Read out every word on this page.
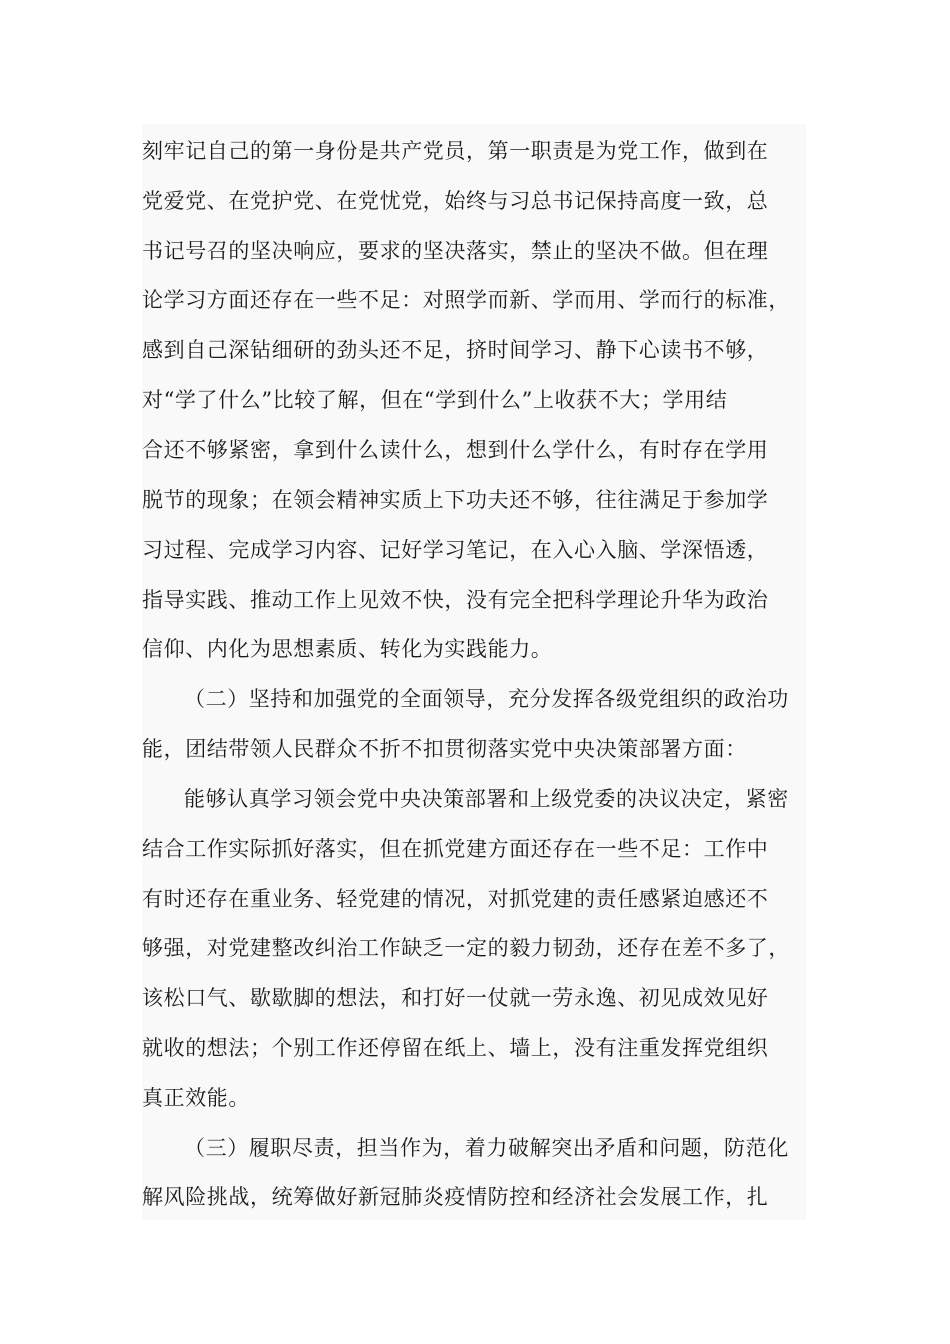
刻牢记自己的第一身份是共产党员，第一职责是为党工作，做到在
党爱党、在党护党、在党忧党，始终与习总书记保持高度一致，总
书记号召的坚决响应，要求的坚决落实，禁止的坚决不做。但在理
论学习方面还存在一些不足：对照学而新、学而用、学而行的标准，
感到自己深钻细研的劲头还不足，挤时间学习、静下心读书不够，
对“学了什么”比较了解，但在“学到什么”上收获不大；学用结
合还不够紧密，拿到什么读什么，想到什么学什么，有时存在学用
脱节的现象；在领会精神实质上下功夫还不够，往往满足于参加学
习过程、完成学习内容、记好学习笔记，在入心入脑、学深悟透，
指导实践、推动工作上见效不快，没有完全把科学理论升华为政治
信仰、内化为思想素质、转化为实践能力。
（二）坚持和加强党的全面领导，充分发挥各级党组织的政治功
能，团结带领人民群众不折不扣贯彻落实党中央决策部署方面：
能够认真学习领会党中央决策部署和上级党委的决议决定，紧密
结合工作实际抓好落实，但在抓党建方面还存在一些不足：工作中
有时还存在重业务、轻党建的情况，对抓党建的责任感紧迫感还不
够强，对党建整改纠治工作缺乏一定的毅力韧劲，还存在差不多了，
该松口气、歇歇脚的想法，和打好一仗就一劳永逸、初见成效见好
就收的想法；个别工作还停留在纸上、墙上，没有注重发挥党组织
真正效能。
（三）履职尽责，担当作为，着力破解突出矛盾和问题，防范化
解风险挑战，统筹做好新冠肺炎疫情防控和经济社会发展工作，扎
